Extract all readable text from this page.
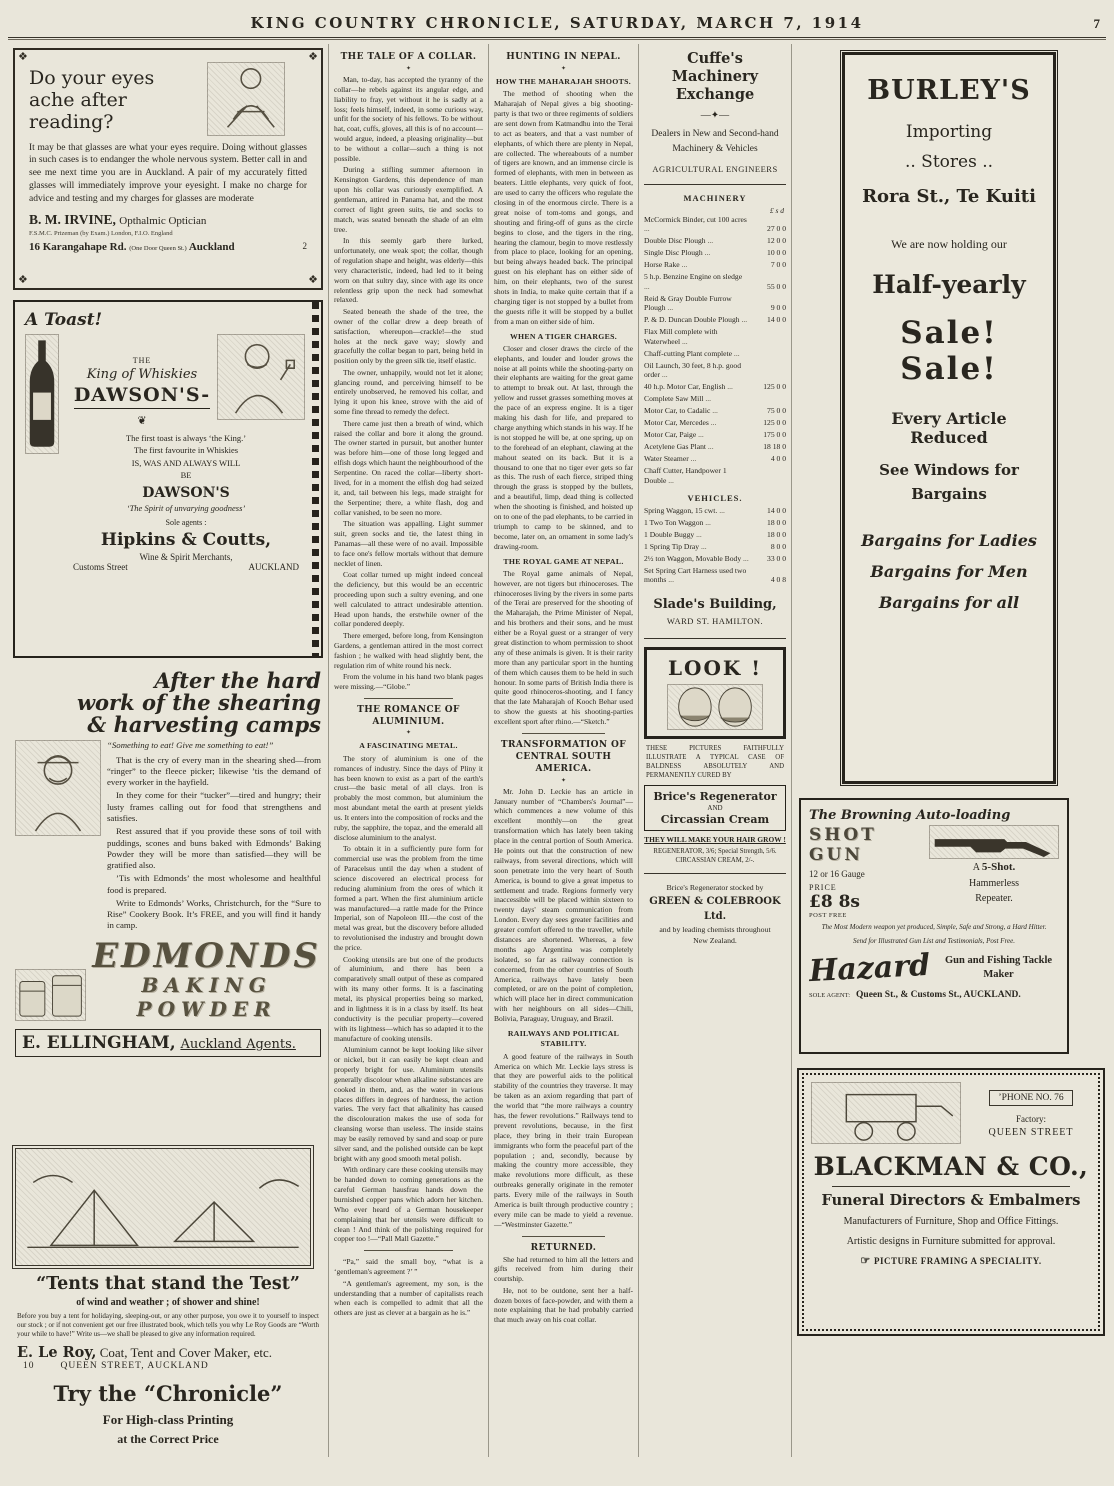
KING COUNTRY CHRONICLE, SATURDAY, MARCH 7, 1914	7
❖	❖
❖	❖
Do your eyes ache after reading?

It may be that glasses are what your eyes require. Doing without glasses in such cases is to endanger the whole nervous system. Better call in and see me next time you are in Auckland. A pair of my accurately fitted glasses will immediately improve your eyesight. I make no charge for advice and testing and my charges for glasses are moderate

B. M. IRVINE, Opthalmic Optician
F.S.M.C. Prizeman (by Exam.) London, F.I.O. England
16 Karangahape Rd. (One Door Queen St.) Auckland	2
A Toast!
THE
King of Whiskies
DAWSON'S-
❦
The first toast is always ‘the King.’
The first favourite in Whiskies
IS, WAS AND ALWAYS WILL
BE
DAWSON'S
‘The Spirit of unvarying goodness’
Sole agents :
Hipkins & Coutts,
Wine & Spirit Merchants,
Customs Street	AUCKLAND
After the hard
work of the shearing
& harvesting camps
“Something to eat! Give me something to eat!”

That is the cry of every man in the shearing shed—from “ringer” to the fleece picker; likewise ’tis the demand of every worker in the hayfield.

In they come for their “tucker”—tired and hungry; their lusty frames calling out for food that strengthens and satisfies.

Rest assured that if you provide these sons of toil with puddings, scones and buns baked with Edmonds’ Baking Powder they will be more than satisfied—they will be gratified also.

’Tis with Edmonds’ the most wholesome and healthful food is prepared.

Write to Edmonds’ Works, Christchurch, for the “Sure to Rise” Cookery Book. It’s FREE, and you will find it handy in camp.

EDMONDS
BAKING
POWDER
E. ELLINGHAM, Auckland Agents.
“Tents that stand the Test”
of wind and weather ; of shower and shine!
Before you buy a tent for holidaying, sleeping-out, or any other purpose, you owe it to yourself to inspect our stock ; or if not convenient get our free illustrated book, which tells you why Le Roy Goods are “Worth your while to have!” Write us—we shall be pleased to give any information required.
E. Le Roy, Coat, Tent and Cover Maker, etc.
10	QUEEN STREET, AUCKLAND
Try the “Chronicle”
For High-class Printing
at the Correct Price
THE TALE OF A COLLAR.
✦

Man, to-day, has accepted the tyranny of the collar—he rebels against its angular edge, and liability to fray, yet without it he is sadly at a loss; feels himself, indeed, in some curious way, unfit for the society of his fellows. To be without hat, coat, cuffs, gloves, all this is of no account—would argue, indeed, a pleasing originality—but to be without a collar—such a thing is not possible.

During a stifling summer afternoon in Kensington Gardens, this dependence of man upon his collar was curiously exemplified. A gentleman, attired in Panama hat, and the most correct of light green suits, tie and socks to match, was seated beneath the shade of an elm tree.

In this seemly garb there lurked, unfortunately, one weak spot; the collar, though of regulation shape and height, was elderly—this very characteristic, indeed, had led to it being worn on that sultry day, since with age its once relentless grip upon the neck had somewhat relaxed.

Seated beneath the shade of the tree, the owner of the collar drew a deep breath of satisfaction, whereupon—crackle!—the stud holes at the neck gave way; slowly and gracefully the collar began to part, being held in position only by the green silk tie, itself elastic.

The owner, unhappily, would not let it alone; glancing round, and perceiving himself to be entirely unobserved, he removed his collar, and lying it upon his knee, strove with the aid of some fine thread to remedy the defect.

There came just then a breath of wind, which raised the collar and bore it along the ground. The owner started in pursuit, but another hunter was before him—one of those long legged and elfish dogs which haunt the neighbourhood of the Serpentine. On raced the collar—liberty short-lived, for in a moment the elfish dog had seized it, and, tail between his legs, made straight for the Serpentine; there, a white flash, dog and collar vanished, to be seen no more.

The situation was appalling. Light summer suit, green socks and tie, the latest thing in Panamas—all these were of no avail. Impossible to face one's fellow mortals without that demure necklet of linen.

Coat collar turned up might indeed conceal the deficiency, but this would be an eccentric proceeding upon such a sultry evening, and one well calculated to attract undesirable attention. Head upon hands, the erstwhile owner of the collar pondered deeply.

There emerged, before long, from Kensington Gardens, a gentleman attired in the most correct fashion ; he walked with head slightly bent, the regulation rim of white round his neck.

From the volume in his hand two blank pages were missing.—“Globe.”

THE ROMANCE OF ALUMINIUM.
✦
A FASCINATING METAL.

The story of aluminium is one of the romances of industry. Since the days of Pliny it has been known to exist as a part of the earth's crust—the basic metal of all clays. Iron is probably the most common, but aluminium the most abundant metal the earth at present yields us. It enters into the composition of rocks and the ruby, the sapphire, the topaz, and the emerald all disclose aluminium to the analyst.

To obtain it in a sufficiently pure form for commercial use was the problem from the time of Paracelsus until the day when a student of science discovered an electrical process for reducing aluminium from the ores of which it formed a part. When the first aluminium article was manufactured—a rattle made for the Prince Imperial, son of Napoleon III.—the cost of the metal was great, but the discovery before alluded to revolutionised the industry and brought down the price.

Cooking utensils are but one of the products of aluminium, and there has been a comparatively small output of these as compared with its many other forms. It is a fascinating metal, its physical properties being so marked, and in lightness it is in a class by itself. Its heat conductivity is the peculiar property—covered with its lightness—which has so adapted it to the manufacture of cooking utensils.

Aluminium cannot be kept looking like silver or nickel, but it can easily be kept clean and properly bright for use. Aluminium utensils generally discolour when alkaline substances are cooked in them, and, as the water in various places differs in degrees of hardness, the action varies. The very fact that alkalinity has caused the discolouration makes the use of soda for cleansing worse than useless. The inside stains may be easily removed by sand and soap or pure silver sand, and the polished outside can be kept bright with any good smooth metal polish.

With ordinary care these cooking utensils may be handed down to coming generations as the careful German hausfrau hands down the burnished copper pans which adorn her kitchen. Who ever heard of a German housekeeper complaining that her utensils were difficult to clean ! And think of the polishing required for copper too !—“Pall Mall Gazette.”

“Pa,” said the small boy, “what is a ‘gentleman's agreement ?’ ”

“A gentleman's agreement, my son, is the understanding that a number of capitalists reach when each is compelled to admit that all the others are just as clever at a bargain as he is.”

HUNTING IN NEPAL.
✦
HOW THE MAHARAJAH SHOOTS.

The method of shooting when the Maharajah of Nepal gives a big shooting-party is that two or three regiments of soldiers are sent down from Katmandhu into the Terai to act as beaters, and that a vast number of elephants, of which there are plenty in Nepal, are collected. The whereabouts of a number of tigers are known, and an immense circle is formed of elephants, with men in between as beaters. Little elephants, very quick of foot, are used to carry the officers who regulate the closing in of the enormous circle. There is a great noise of tom-toms and gongs, and shouting and firing-off of guns as the circle begins to close, and the tigers in the ring, hearing the clamour, begin to move restlessly from place to place, looking for an opening, but being always headed back. The principal guest on his elephant has on either side of him, on their elephants, two of the surest shots in India, to make quite certain that if a charging tiger is not stopped by a bullet from the guests rifle it will be stopped by a bullet from a man on either side of him.

WHEN A TIGER CHARGES.

Closer and closer draws the circle of the elephants, and louder and louder grows the noise at all points while the shooting-party on their elephants are waiting for the great game to attempt to break out. At last, through the yellow and russet grasses something moves at the pace of an express engine. It is a tiger making his dash for life, and prepared to charge anything which stands in his way. If he is not stopped he will be, at one spring, up on to the forehead of an elephant, clawing at the mahout seated on its back. But it is a thousand to one that no tiger ever gets so far as this. The rush of each fierce, striped thing through the grass is stopped by the bullets, and a beautiful, limp, dead thing is collected when the shooting is finished, and hoisted up on to one of the pad elephants, to be carried in triumph to camp to be skinned, and to become, later on, an ornament in some lady's drawing-room.

THE ROYAL GAME AT NEPAL.

The Royal game animals of Nepal, however, are not tigers but rhinoceroses. The rhinoceroses living by the rivers in some parts of the Terai are preserved for the shooting of the Maharajah, the Prime Minister of Nepal, and his brothers and their sons, and he must either be a Royal guest or a stranger of very great distinction to whom permission to shoot any of these animals is given. It is their rarity more than any particular sport in the hunting of them which causes them to be held in such honour. In some parts of British India there is quite good rhinoceros-shooting, and I fancy that the late Maharajah of Kooch Behar used to show the guests at his shooting-parties excellent sport after rhino.—“Sketch.”

TRANSFORMATION OF CENTRAL SOUTH AMERICA.
✦

Mr. John D. Leckie has an article in January number of “Chambers's Journal”—which commences a new volume of this excellent monthly—on the great transformation which has lately been taking place in the central portion of South America. He points out that the construction of new railways, from several directions, which will soon penetrate into the very heart of South America, is bound to give a great impetus to settlement and trade. Regions formerly very inaccessible will be placed within sixteen to twenty days' steam communication from London. Every day sees greater facilities and greater comfort offered to the traveller, while distances are shortened. Whereas, a few months ago Argentina was completely isolated, so far as railway connection is concerned, from the other countries of South America, railways have lately been completed, or are on the point of completion, which will place her in direct communication with her neighbours on all sides—Chili, Bolivia, Paraguay, Uruguay, and Brazil.

RAILWAYS AND POLITICAL STABILITY.

A good feature of the railways in South America on which Mr. Leckie lays stress is that they are powerful aids to the political stability of the countries they traverse. It may be taken as an axiom regarding that part of the world that “the more railways a country has, the fewer revolutions.” Railways tend to prevent revolutions, because, in the first place, they bring in their train European immigrants who form the peaceful part of the population ; and, secondly, because by making the country more accessible, they make revolutions more difficult, as these outbreaks generally originate in the remoter parts. Every mile of the railways in South America is built through productive country ; every mile can be made to yield a revenue.—“Westminster Gazette.”

RETURNED.

She had returned to him all the letters and gifts received from him during their courtship.

He, not to be outdone, sent her a half-dozen boxes of face-powder, and with them a note explaining that he had probably carried that much away on his coat collar.

Cuffe's Machinery
Exchange
—✦—
Dealers in New and Second-hand Machinery & Vehicles
AGRICULTURAL ENGINEERS
MACHINERY
£ s d
McCormick Binder, cut 100 acres ...
27 0 0
Double Disc Plough ...	12 0 0
Single Disc Plough ...	10 0 0
Horse Rake ...	7 0 0
5 h.p. Benzine Engine on sledge ...
55 0 0
Reid & Gray Double Furrow Plough ...	9 0 0
P. & D. Duncan Double Plough ...	14 0 0
Flax Mill complete with Waterwheel ...
Chaff-cutting Plant complete ...
Oil Launch, 30 feet, 8 h.p. good order ...
40 h.p. Motor Car, English ...	125 0 0
Complete Saw Mill ...
Motor Car, to Cadalic ...	75 0 0
Motor Car, Mercedes ...	125 0 0
Motor Car, Paige ...	175 0 0
Acetylene Gas Plant ...	18 18 0
Water Steamer ...	4 0 0
Chaff Cutter, Handpower 1 Double ...
VEHICLES.
Spring Waggon, 15 cwt. ...	14 0 0
1 Two Ton Waggon ...	18 0 0
1 Double Buggy ...	18 0 0
1 Spring Tip Dray ...	8 0 0
2½ ton Waggon, Movable Body ...	33 0 0
Set Spring Cart Harness used two months ...	4 0 8
Slade's Building,
WARD ST. HAMILTON.
LOOK !
THESE PICTURES FAITHFULLY ILLUSTRATE A TYPICAL CASE OF BALDNESS ABSOLUTELY AND PERMANENTLY CURED BY
Brice's Regenerator
AND
Circassian Cream
THEY WILL MAKE YOUR HAIR GROW !
REGENERATOR, 3/6; Special Strength, 5/6. CIRCASSIAN CREAM, 2/-.
Brice's Regenerator stocked by
GREEN & COLEBROOK Ltd.
and by leading chemists throughout
New Zealand.
BURLEY'S
Importing
.. Stores ..
Rora St., Te Kuiti
We are now holding our
Half-yearly
Sale! Sale!
Every Article Reduced
See Windows for
Bargains

Bargains for Ladies

Bargains for Men

Bargains for all

The Browning Auto-loading
SHOT GUN
12 or 16 Gauge
PRICE
£8 8s
POST FREE
A 5-Shot.
Hammerless
Repeater.
The Most Modern weapon yet produced, Simple, Safe and Strong, a Hard Hitter.
Send for Illustrated Gun List and Testimonials, Post Free.
Hazard	Gun and Fishing Tackle Maker
SOLE AGENT: Queen St., & Customs St., AUCKLAND.
’PHONE NO. 76
Factory:
QUEEN STREET
BLACKMAN & CO.,
Funeral Directors & Embalmers
Manufacturers of Furniture, Shop and Office Fittings.
Artistic designs in Furniture submitted for approval.
☞ PICTURE FRAMING A SPECIALITY.
